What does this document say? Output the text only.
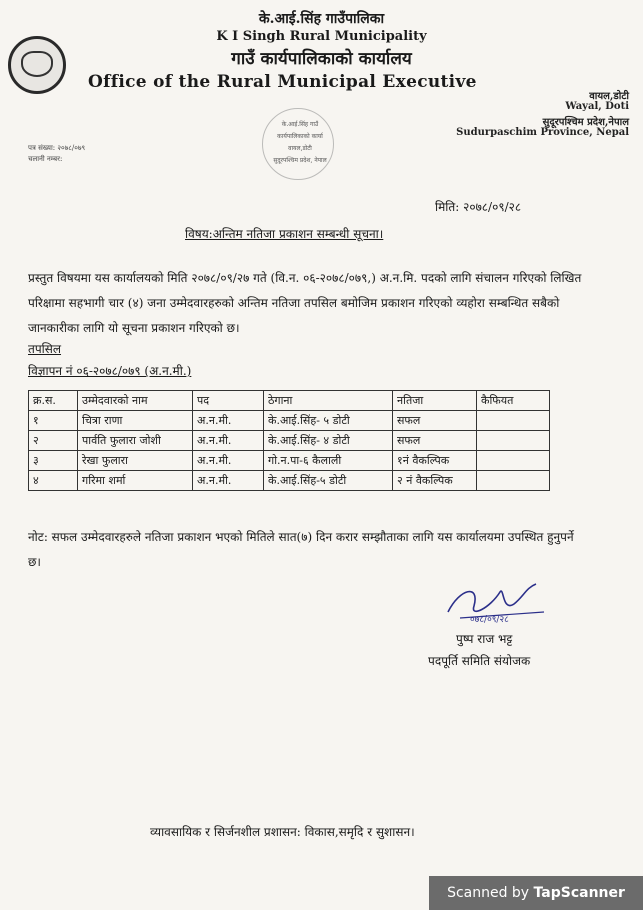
के.आई.सिंह गाउँपालिका
K I Singh Rural Municipality
गाउँ कार्यपालिकाको कार्यालय
Office of the Rural Municipal Executive
वायल,डोटी
Wayal, Doti
सुदूरपश्चिम प्रदेश,नेपाल
Sudurpaschim Province, Nepal
के.आई.सिंह गाउँ
कार्यपालिकाको कार्या
वायल,डोटी
सुदूरपश्चिम प्रदेश, नेपाल
पत्र संख्या: २०७८/०७९
चलानी नम्बर:
मिति: २०७८/०९/२८
विषय:अन्तिम नतिजा प्रकाशन सम्बन्धी सूचना।
प्रस्तुत विषयमा यस कार्यालयको मिति २०७८/०९/२७ गते (वि.न. ०६-२०७८/०७९,) अ.न.मि. पदको लागि संचालन गरिएको लिखित परिक्षामा सहभागी चार (४) जना उम्मेदवारहरुको अन्तिम नतिजा तपसिल बमोजिम प्रकाशन गरिएको व्यहोरा सम्बन्धित सबैको जानकारीका लागि यो सूचना प्रकाशन गरिएको छ।
तपसिल
विज्ञापन नं ०६-२०७८/०७९ (अ.न.मी.)
क्र.स.	उम्मेदवारको नाम	पद	ठेगाना	नतिजा	कैफियत
१	चित्रा राणा	अ.न.मी.	के.आई.सिंह- ५ डोटी	सफल	
२	पार्वति फुलारा जोशी	अ.न.मी.	के.आई.सिंह- ४ डोटी	सफल	
३	रेखा फुलारा	अ.न.मी.	गो.न.पा-६ कैलाली	१नं वैकल्पिक	
४	गरिमा शर्मा	अ.न.मी.	के.आई.सिंह-५ डोटी	२ नं वैकल्पिक	
नोट: सफल उम्मेदवारहरुले नतिजा प्रकाशन भएको मितिले सात(७) दिन करार सम्झौताका लागि यस कार्यालयमा उपस्थित हुनुपर्ने छ।
०७८/०९/२८
पुष्प राज भट्ट
पदपूर्ति समिति संयोजक
व्यावसायिक र सिर्जनशील प्रशासन: विकास,समृदि र सुशासन।
Scanned by TapScanner
